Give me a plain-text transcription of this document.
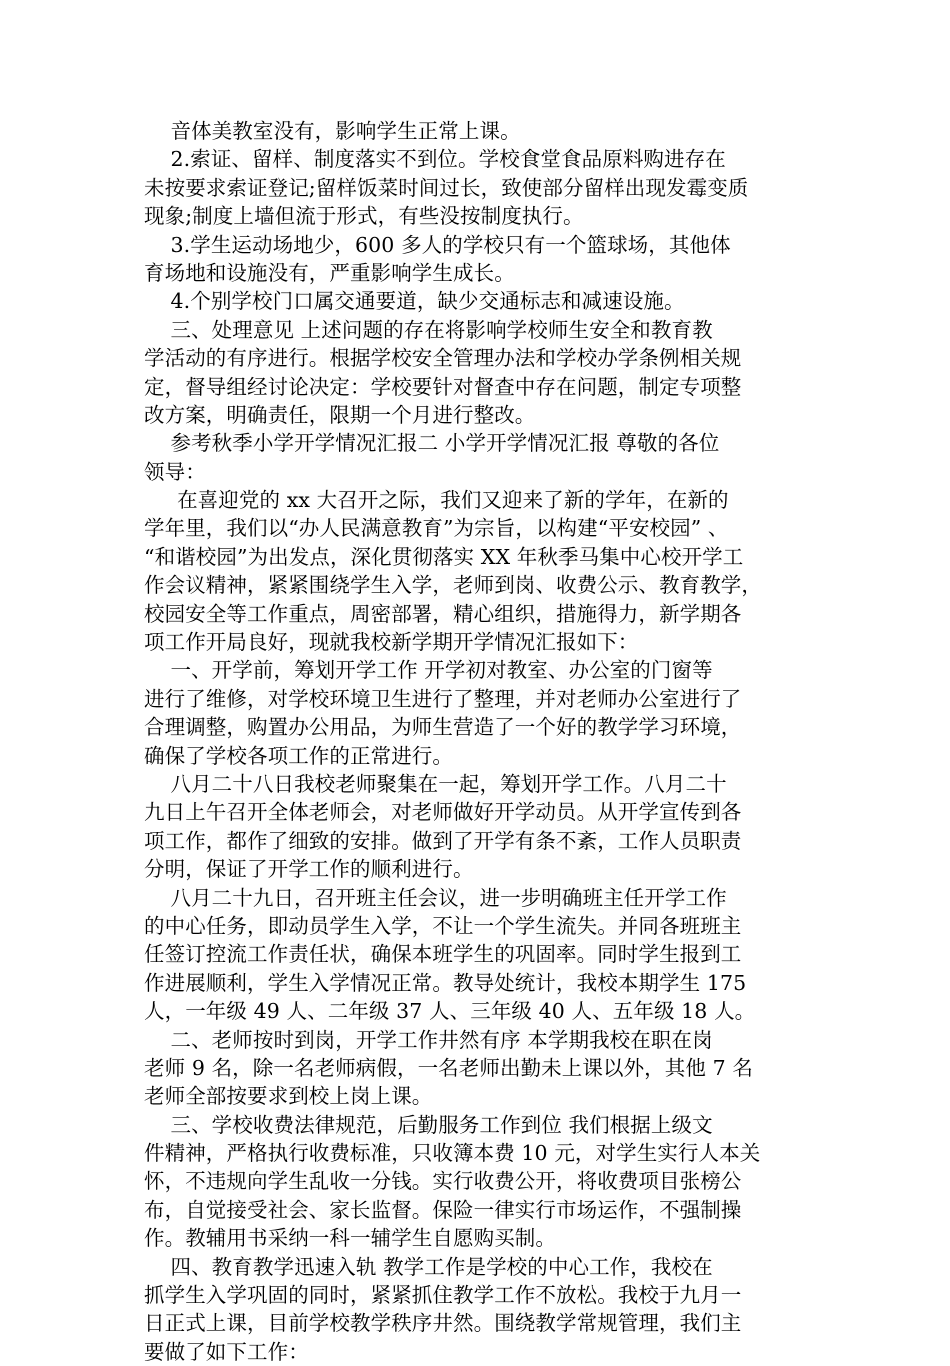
音体美教室没有，影响学生正常上课。
2.索证、留样、制度落实不到位。学校食堂食品原料购进存在
未按要求索证登记;留样饭菜时间过长，致使部分留样出现发霉变质
现象;制度上墙但流于形式，有些没按制度执行。
3.学生运动场地少，600 多人的学校只有一个篮球场，其他体
育场地和设施没有，严重影响学生成长。
4.个别学校门口属交通要道，缺少交通标志和减速设施。
三、处理意见 上述问题的存在将影响学校师生安全和教育教
学活动的有序进行。根据学校安全管理办法和学校办学条例相关规
定，督导组经讨论决定：学校要针对督查中存在问题，制定专项整
改方案，明确责任，限期一个月进行整改。
参考秋季小学开学情况汇报二 小学开学情况汇报 尊敬的各位
领导：
在喜迎党的 xx 大召开之际，我们又迎来了新的学年，在新的
学年里，我们以“办人民满意教育”为宗旨，以构建“平安校园” 、
“和谐校园”为出发点，深化贯彻落实 XX 年秋季马集中心校开学工
作会议精神，紧紧围绕学生入学，老师到岗、收费公示、教育教学，
校园安全等工作重点，周密部署，精心组织，措施得力，新学期各
项工作开局良好，现就我校新学期开学情况汇报如下：
一、开学前，筹划开学工作 开学初对教室、办公室的门窗等
进行了维修，对学校环境卫生进行了整理，并对老师办公室进行了
合理调整，购置办公用品，为师生营造了一个好的教学学习环境，
确保了学校各项工作的正常进行。
八月二十八日我校老师聚集在一起，筹划开学工作。八月二十
九日上午召开全体老师会，对老师做好开学动员。从开学宣传到各
项工作，都作了细致的安排。做到了开学有条不紊，工作人员职责
分明，保证了开学工作的顺利进行。
八月二十九日，召开班主任会议，进一步明确班主任开学工作
的中心任务，即动员学生入学，不让一个学生流失。并同各班班主
任签订控流工作责任状，确保本班学生的巩固率。同时学生报到工
作进展顺利，学生入学情况正常。教导处统计，我校本期学生 175
人，一年级 49 人、二年级 37 人、三年级 40 人、五年级 18 人。
二、老师按时到岗，开学工作井然有序 本学期我校在职在岗
老师 9 名，除一名老师病假，一名老师出勤未上课以外，其他 7 名
老师全部按要求到校上岗上课。
三、学校收费法律规范，后勤服务工作到位 我们根据上级文
件精神，严格执行收费标准，只收簿本费 10 元，对学生实行人本关
怀，不违规向学生乱收一分钱。实行收费公开，将收费项目张榜公
布，自觉接受社会、家长监督。保险一律实行市场运作，不强制操
作。教辅用书采纳一科一辅学生自愿购买制。
四、教育教学迅速入轨 教学工作是学校的中心工作，我校在
抓学生入学巩固的同时，紧紧抓住教学工作不放松。我校于九月一
日正式上课，目前学校教学秩序井然。围绕教学常规管理，我们主
要做了如下工作：
